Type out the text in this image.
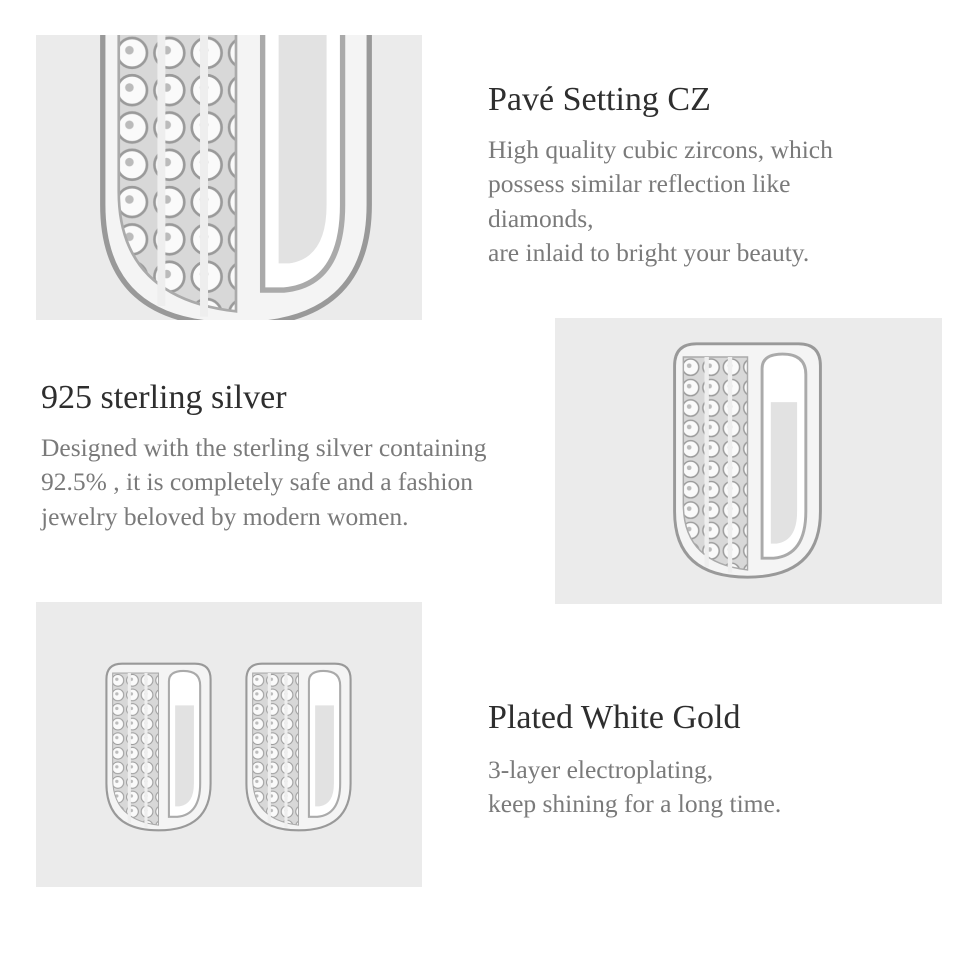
Pavé Setting CZ
High quality cubic zircons, which
possess similar reflection like
diamonds,
are inlaid to bright your beauty.
925 sterling silver
Designed with the sterling silver containing
92.5% , it is completely safe and a fashion
jewelry beloved by modern women.
Plated White Gold
3-layer electroplating,
keep shining for a long time.
